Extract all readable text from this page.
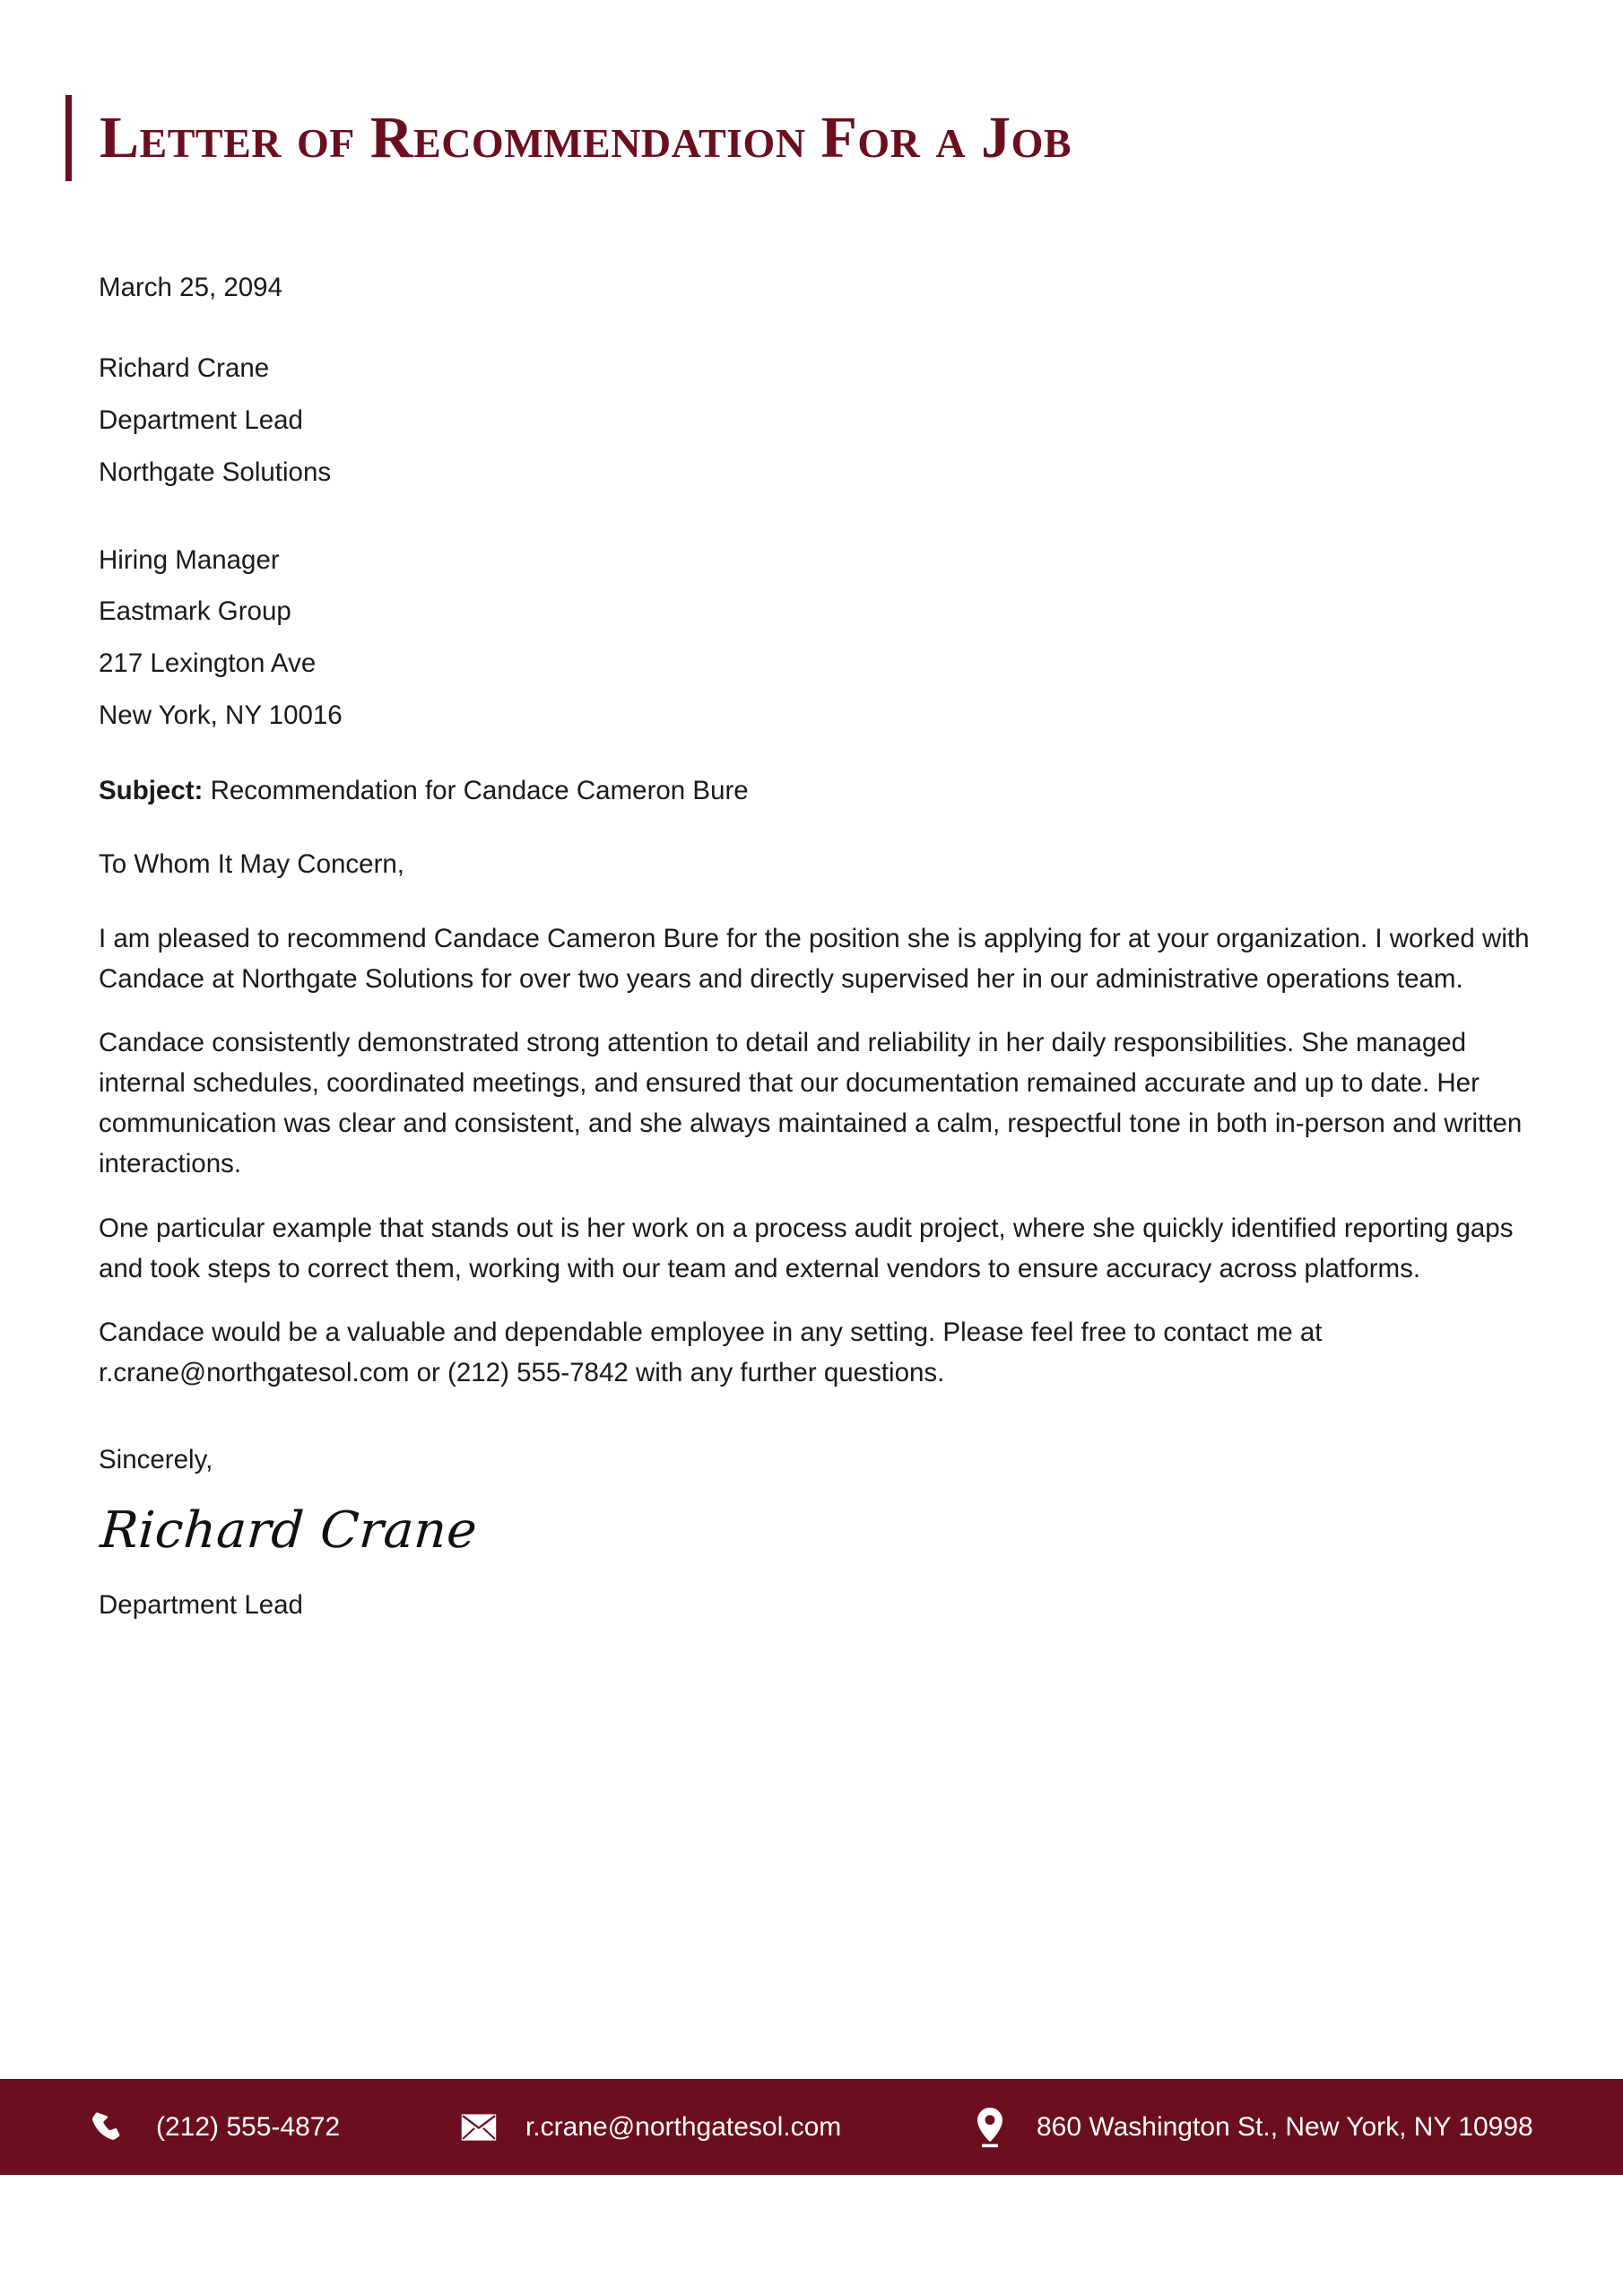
Letter of Recommendation For a Job
March 25, 2094
Richard Crane
Department Lead
Northgate Solutions
Hiring Manager
Eastmark Group
217 Lexington Ave
New York, NY 10016
Subject: Recommendation for Candace Cameron Bure
To Whom It May Concern,

I am pleased to recommend Candace Cameron Bure for the position she is applying for at your organization. I worked with Candace at Northgate Solutions for over two years and directly supervised her in our administrative operations team.

Candace consistently demonstrated strong attention to detail and reliability in her daily responsibilities. She managed internal schedules, coordinated meetings, and ensured that our documentation remained accurate and up to date. Her communication was clear and consistent, and she always maintained a calm, respectful tone in both in-person and written interactions.

One particular example that stands out is her work on a process audit project, where she quickly identified reporting gaps and took steps to correct them, working with our team and external vendors to ensure accuracy across platforms.

Candace would be a valuable and dependable employee in any setting. Please feel free to contact me at r.crane@northgatesol.com or (212) 555-7842 with any further questions.

Sincerely,
Richard Crane
Department Lead
(212) 555-4872	r.crane@northgatesol.com	860 Washington St., New York, NY 10998
